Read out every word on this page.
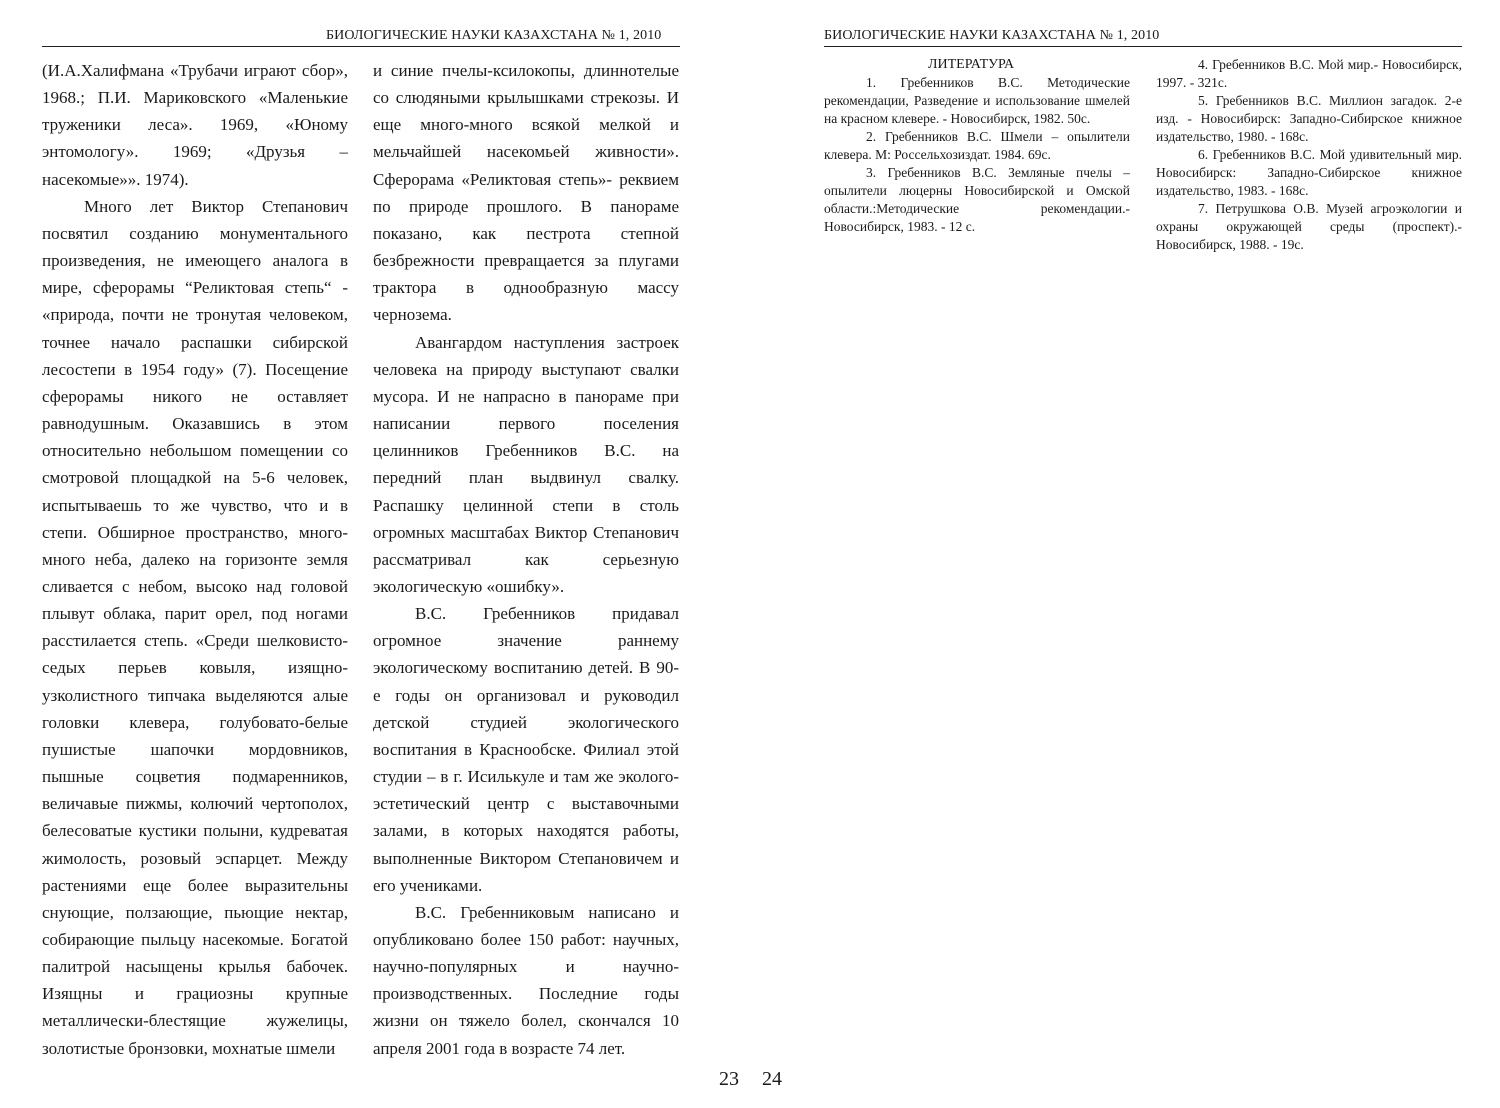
БИОЛОГИЧЕСКИЕ НАУКИ КАЗАХСТАНА № 1, 2010

(И.А.Халифмана «Трубачи играют сбор», 1968.; П.И. Мариковского «Маленькие труженики леса». 1969, «Юному энтомологу». 1969; «Друзья – насекомые»». 1974).

Много лет Виктор Степанович посвятил созданию монументального произведения, не имеющего аналога в мире, сферорамы “Реликтовая степь“ - «природа, почти не тронутая человеком, точнее начало распашки сибирской лесостепи в 1954 году» (7). Посещение сферорамы никого не оставляет равнодушным. Оказавшись в этом относительно небольшом помещении со смотровой площадкой на 5-6 человек, испытываешь то же чувство, что и в степи. Обширное пространство, много-много неба, далеко на горизонте земля сливается с небом, высоко над головой плывут облака, парит орел, под ногами расстилается степь. «Среди шелковисто-седых перьев ковыля, изящно-узколистного типчака выделяются алые головки клевера, голубовато-белые пушистые шапочки мордовников, пышные соцветия подмаренников, величавые пижмы, колючий чертополох, белесоватые кустики полыни, кудреватая жимолость, розовый эспарцет. Между растениями еще более выразительны снующие, ползающие, пьющие нектар, собирающие пыльцу насекомые. Богатой палитрой насыщены крылья бабочек. Изящны и грациозны крупные металлически-блестящие жужелицы, золотистые бронзовки, мохнатые шмели

и синие пчелы-ксилокопы, длиннотелые со слюдяными крылышками стрекозы. И еще много-много всякой мелкой и мельчайшей насекомьей живности». Сферорама «Реликтовая степь»- реквием по природе прошлого. В панораме показано, как пестрота степной безбрежности превращается за плугами трактора в однообразную массу чернозема.

Авангардом наступления застроек человека на природу выступают свалки мусора. И не напрасно в панораме при написании первого поселения целинников Гребенников В.С. на передний план выдвинул свалку. Распашку целинной степи в столь огромных масштабах Виктор Степанович рассматривал как серьезную экологическую «ошибку».

В.С. Гребенников придавал огромное значение раннему экологическому воспитанию детей. В 90-е годы он организовал и руководил детской студией экологического воспитания в Краснообске. Филиал этой студии – в г. Исилькуле и там же эколого-эстетический центр с выставочными залами, в которых находятся работы, выполненные Виктором Степановичем и его учениками.

В.С. Гребенниковым написано и опубликовано более 150 работ: научных, научно-популярных и научно-производственных. Последние годы жизни он тяжело болел, скончался 10 апреля 2001 года в возрасте 74 лет.

23
БИОЛОГИЧЕСКИЕ НАУКИ КАЗАХСТАНА № 1, 2010

ЛИТЕРАТУРА

1. Гребенников В.С. Методические рекомендации, Разведение и использование шмелей на красном клевере. - Новосибирск, 1982. 50с.

2. Гребенников В.С. Шмели – опылители клевера. М: Россельхозиздат. 1984. 69с.

3. Гребенников В.С. Земляные пчелы – опылители люцерны Новосибирской и Омской области.:Методические рекомендации.- Новосибирск, 1983. - 12 с.

4. Гребенников В.С. Мой мир.- Новосибирск, 1997. - 321с.

5. Гребенников В.С. Миллион загадок. 2-е изд. - Новосибирск: Западно-Сибирское книжное издательство, 1980. - 168с.

6. Гребенников В.С. Мой удивительный мир. Новосибирск: Западно-Сибирское книжное издательство, 1983. - 168с.

7. Петрушкова О.В. Музей агроэкологии и охраны окружающей среды (проспект).- Новосибирск, 1988. - 19с.

24
